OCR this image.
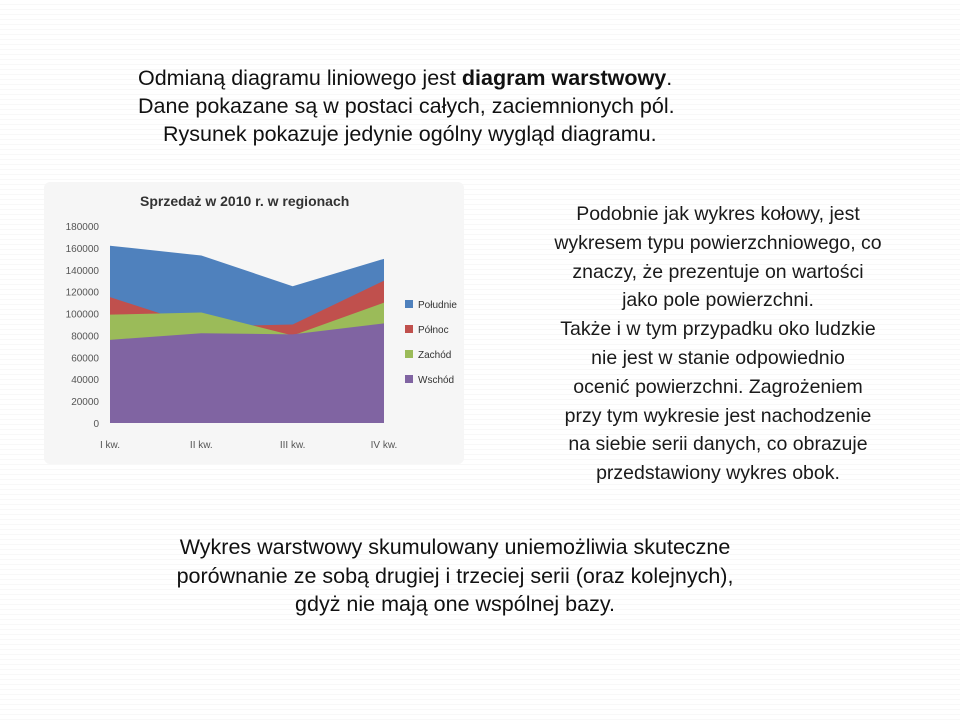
Odmianą diagramu liniowego jest diagram warstwowy.
Dane pokazane są w postaci całych, zaciemnionych pól.
Rysunek pokazuje jedynie ogólny wygląd diagramu.
Sprzedaż w 2010 r. w regionach
0
20000
40000
60000
80000
100000
120000
140000
160000
180000
I kw.	II kw.	III kw.	IV kw.
Południe
Północ
Zachód
Wschód
Podobnie jak wykres kołowy, jest
wykresem typu powierzchniowego, co
znaczy, że prezentuje on wartości
jako pole powierzchni.
Także i w tym przypadku oko ludzkie
nie jest w stanie odpowiednio
ocenić powierzchni. Zagrożeniem
przy tym wykresie jest nachodzenie
na siebie serii danych, co obrazuje
przedstawiony wykres obok.
Wykres warstwowy skumulowany uniemożliwia skuteczne
porównanie ze sobą drugiej i trzeciej serii (oraz kolejnych),
gdyż nie mają one wspólnej bazy.
